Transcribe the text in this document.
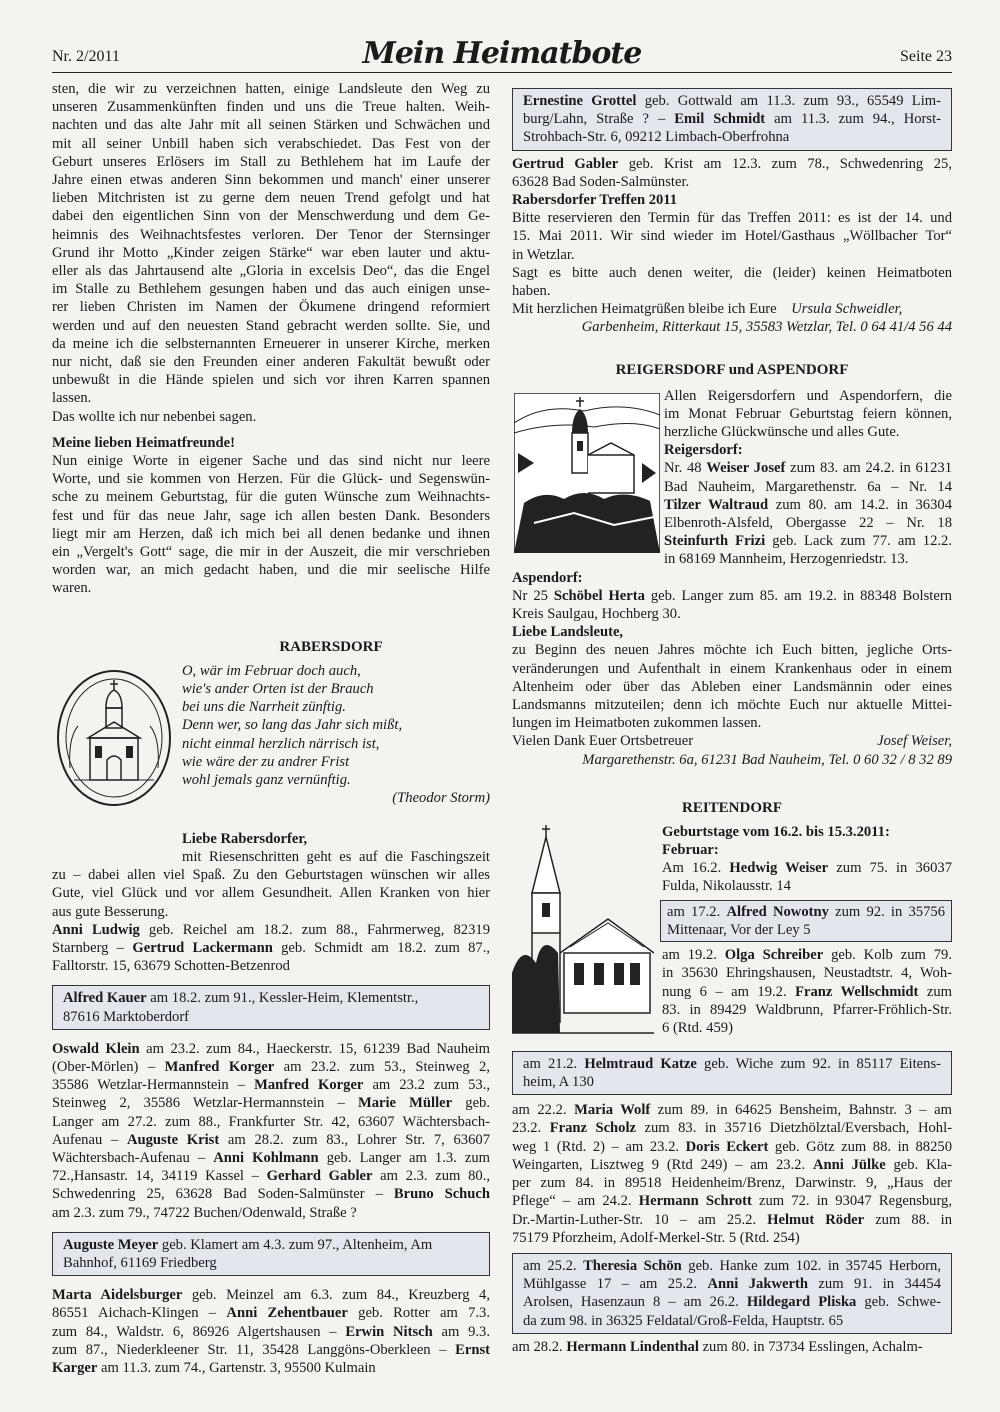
Nr. 2/2011	Mein Heimatbote	Seite 23

sten, die wir zu verzeichnen hatten, einige Landsleute den Weg zu

unseren Zusammenkünften finden und uns die Treue halten. Weih-

nachten und das alte Jahr mit all seinen Stärken und Schwächen und

mit all seiner Unbill haben sich verabschiedet. Das Fest von der

Geburt unseres Erlösers im Stall zu Bethlehem hat im Laufe der

Jahre einen etwas anderen Sinn bekommen und manch' einer unserer

lieben Mitchristen ist zu gerne dem neuen Trend gefolgt und hat

dabei den eigentlichen Sinn von der Menschwerdung und dem Ge-

heimnis des Weihnachtsfestes verloren. Der Tenor der Sternsinger

Grund ihr Motto „Kinder zeigen Stärke“ war eben lauter und aktu-

eller als das Jahrtausend alte „Gloria in excelsis Deo“, das die Engel

im Stalle zu Bethlehem gesungen haben und das auch einigen unse-

rer lieben Christen im Namen der Ökumene dringend reformiert

werden und auf den neuesten Stand gebracht werden sollte. Sie, und

da meine ich die selbsternannten Erneuerer in unserer Kirche, merken

nur nicht, daß sie den Freunden einer anderen Fakultät bewußt oder

unbewußt in die Hände spielen und sich vor ihren Karren spannen

lassen.

Das wollte ich nur nebenbei sagen.

Meine lieben Heimatfreunde!

Nun einige Worte in eigener Sache und das sind nicht nur leere

Worte, und sie kommen von Herzen. Für die Glück- und Segenswün-

sche zu meinem Geburtstag, für die guten Wünsche zum Weihnachts-

fest und für das neue Jahr, sage ich allen besten Dank. Besonders

liegt mir am Herzen, daß ich mich bei all denen bedanke und ihnen

ein „Vergelt's Gott“ sage, die mir in der Auszeit, die mir verschrieben

worden war, an mich gedacht haben, und die mir seelische Hilfe

waren.

RABERSDORF

O, wär im Februar doch auch,

wie's ander Orten ist der Brauch

bei uns die Narrheit zünftig.

Denn wer, so lang das Jahr sich mißt,

nicht einmal herzlich närrisch ist,

wie wäre der zu andrer Frist

wohl jemals ganz vernünftig.

(Theodor Storm)

Liebe Rabersdorfer,

mit Riesenschritten geht es auf die Faschingszeit

zu – dabei allen viel Spaß. Zu den Geburtstagen wünschen wir alles

Gute, viel Glück und vor allem Gesundheit. Allen Kranken von hier

aus gute Besserung.

Anni Ludwig geb. Reichel am 18.2. zum 88., Fahrmerweg, 82319

Starnberg – Gertrud Lackermann geb. Schmidt am 18.2. zum 87.,

Falltorstr. 15, 63679 Schotten-Betzenrod

Alfred Kauer am 18.2. zum 91., Kessler-Heim, Klementstr.,

87616 Marktoberdorf

Oswald Klein am 23.2. zum 84., Haeckerstr. 15, 61239 Bad Nauheim

(Ober-Mörlen) – Manfred Korger am 23.2. zum 53., Steinweg 2,

35586 Wetzlar-Hermannstein – Manfred Korger am 23.2 zum 53.,

Steinweg 2, 35586 Wetzlar-Hermannstein – Marie Müller geb.

Langer am 27.2. zum 88., Frankfurter Str. 42, 63607 Wächtersbach-

Aufenau – Auguste Krist am 28.2. zum 83., Lohrer Str. 7, 63607

Wächtersbach-Aufenau – Anni Kohlmann geb. Langer am 1.3. zum

72.,Hansastr. 14, 34119 Kassel – Gerhard Gabler am 2.3. zum 80.,

Schwedenring 25, 63628 Bad Soden-Salmünster – Bruno Schuch

am 2.3. zum 79., 74722 Buchen/Odenwald, Straße ?

Auguste Meyer geb. Klamert am 4.3. zum 97., Altenheim, Am

Bahnhof, 61169 Friedberg

Marta Aidelsburger geb. Meinzel am 6.3. zum 84., Kreuzberg 4,

86551 Aichach-Klingen – Anni Zehentbauer geb. Rotter am 7.3.

zum 84., Waldstr. 6, 86926 Algertshausen – Erwin Nitsch am 9.3.

zum 87., Niederkleener Str. 11, 35428 Langgöns-Oberkleen – Ernst

Karger am 11.3. zum 74., Gartenstr. 3, 95500 Kulmain

Ernestine Grottel geb. Gottwald am 11.3. zum 93., 65549 Lim-

burg/Lahn, Straße ? – Emil Schmidt am 11.3. zum 94., Horst-

Strohbach-Str. 6, 09212 Limbach-Oberfrohna

Gertrud Gabler geb. Krist am 12.3. zum 78., Schwedenring 25,

63628 Bad Soden-Salmünster.

Rabersdorfer Treffen 2011

Bitte reservieren den Termin für das Treffen 2011: es ist der 14. und

15. Mai 2011. Wir sind wieder im Hotel/Gasthaus „Wöllbacher Tor“

in Wetzlar.

Sagt es bitte auch denen weiter, die (leider) keinen Heimatboten

haben.

Mit herzlichen Heimatgrüßen bleibe ich Eure Ursula Schweidler,

Garbenheim, Ritterkaut 15, 35583 Wetzlar, Tel. 0 64 41/4 56 44

REIGERSDORF und ASPENDORF

Allen Reigersdorfern und Aspendorfern, die

im Monat Februar Geburtstag feiern können,

herzliche Glückwünsche und alles Gute.

Reigersdorf:

Nr. 48 Weiser Josef zum 83. am 24.2. in 61231

Bad Nauheim, Margarethenstr. 6a – Nr. 14

Tilzer Waltraud zum 80. am 14.2. in 36304

Elbenroth-Alsfeld, Obergasse 22 – Nr. 18

Steinfurth Frizi geb. Lack zum 77. am 12.2.

in 68169 Mannheim, Herzogenriedstr. 13.

Aspendorf:

Nr 25 Schöbel Herta geb. Langer zum 85. am 19.2. in 88348 Bolstern

Kreis Saulgau, Hochberg 30.

Liebe Landsleute,

zu Beginn des neuen Jahres möchte ich Euch bitten, jegliche Orts-

veränderungen und Aufenthalt in einem Krankenhaus oder in einem

Altenheim oder über das Ableben einer Landsmännin oder eines

Landsmanns mitzuteilen; denn ich möchte Euch nur aktuelle Mittei-

lungen im Heimatboten zukommen lassen.

Vielen Dank Euer Ortsbetreuer	Josef Weiser,

Margarethenstr. 6a, 61231 Bad Nauheim, Tel. 0 60 32 / 8 32 89

REITENDORF

Geburtstage vom 16.2. bis 15.3.2011:

Februar:

Am 16.2. Hedwig Weiser zum 75. in 36037

Fulda, Nikolausstr. 14

am 17.2. Alfred Nowotny zum 92. in 35756

Mittenaar, Vor der Ley 5

am 19.2. Olga Schreiber geb. Kolb zum 79.

in 35630 Ehringshausen, Neustadtstr. 4, Woh-

nung 6 – am 19.2. Franz Wellschmidt zum

83. in 89429 Waldbrunn, Pfarrer-Fröhlich-Str.

6 (Rtd. 459)

am 21.2. Helmtraud Katze geb. Wiche zum 92. in 85117 Eitens-

heim, A 130

am 22.2. Maria Wolf zum 89. in 64625 Bensheim, Bahnstr. 3 – am

23.2. Franz Scholz zum 83. in 35716 Dietzhölztal/Eversbach, Hohl-

weg 1 (Rtd. 2) – am 23.2. Doris Eckert geb. Götz zum 88. in 88250

Weingarten, Lisztweg 9 (Rtd 249) – am 23.2. Anni Jülke geb. Kla-

per zum 84. in 89518 Heidenheim/Brenz, Darwinstr. 9, „Haus der

Pflege“ – am 24.2. Hermann Schrott zum 72. in 93047 Regensburg,

Dr.-Martin-Luther-Str. 10 – am 25.2. Helmut Röder zum 88. in

75179 Pforzheim, Adolf-Merkel-Str. 5 (Rtd. 254)

am 25.2. Theresia Schön geb. Hanke zum 102. in 35745 Herborn,

Mühlgasse 17 – am 25.2. Anni Jakwerth zum 91. in 34454

Arolsen, Hasenzaun 8 – am 26.2. Hildegard Pliska geb. Schwe-

da zum 98. in 36325 Feldatal/Groß-Felda, Hauptstr. 65

am 28.2. Hermann Lindenthal zum 80. in 73734 Esslingen, Achalm-
